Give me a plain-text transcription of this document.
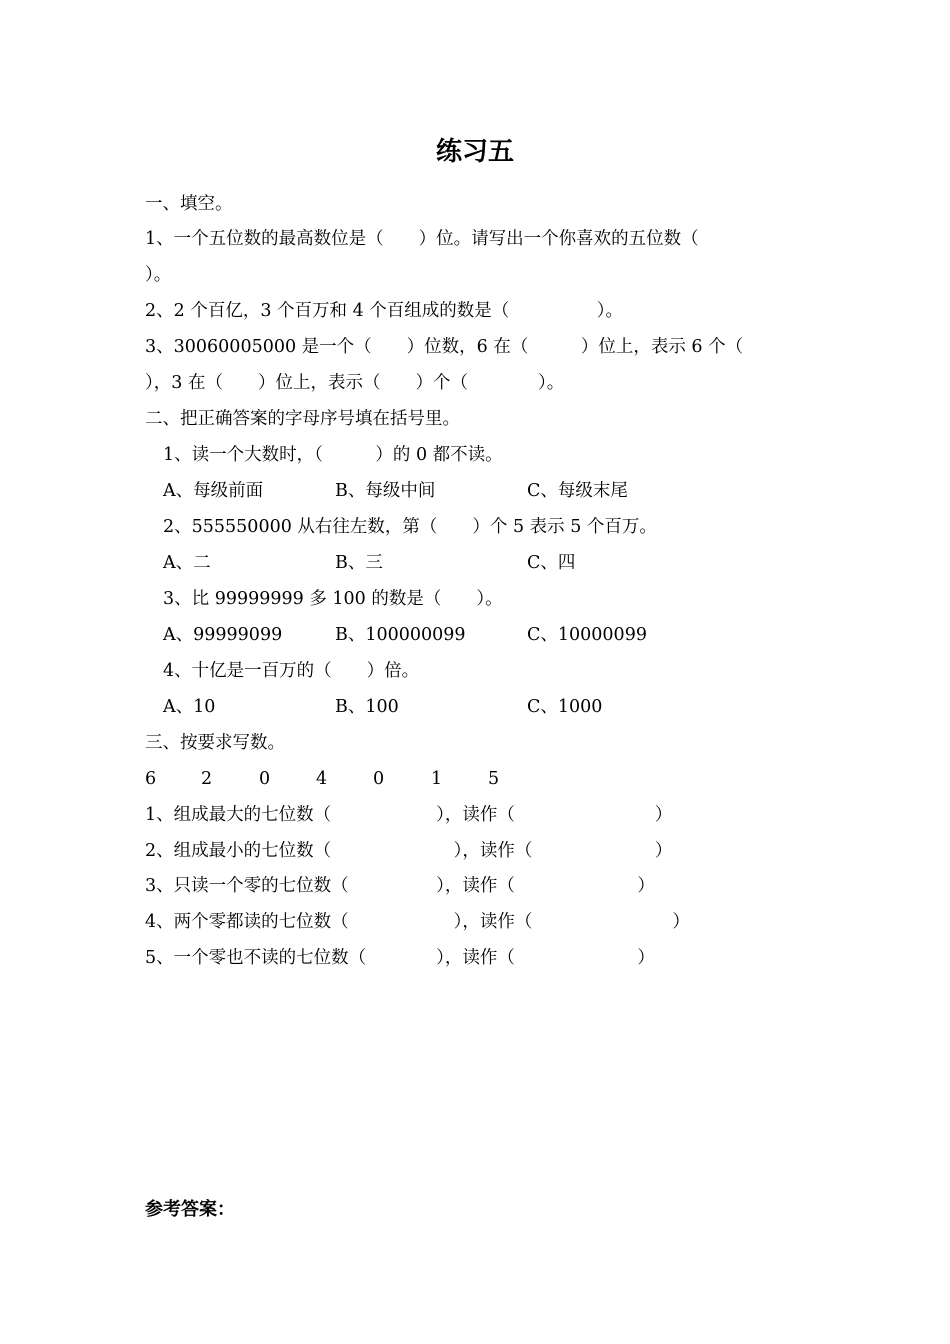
练习五
一、填空。
1、一个五位数的最高数位是（　　）位。请写出一个你喜欢的五位数（
）。
2、2 个百亿，3 个百万和 4 个百组成的数是（　　　　　）。
3、30060005000 是一个（　　）位数，6 在（　　　）位上，表示 6 个（
），3 在（　　）位上，表示（　　）个（　　　　）。
二、把正确答案的字母序号填在括号里。
1、读一个大数时，（　　　）的 0 都不读。
A、每级前面	B、每级中间	C、每级末尾
2、555550000 从右往左数，第（　　）个 5 表示 5 个百万。
A、二	B、三	C、四
3、比 99999999 多 100 的数是（　　）。
A、99999099	B、100000099	C、10000099
4、十亿是一百万的（　　）倍。
A、10	B、100	C、1000
三、按要求写数。
6	2	0	4	0	1	5
1、组成最大的七位数（　　　　　　），读作（　　　　　　　　）
2、组成最小的七位数（　　　　　　　），读作（　　　　　　　）
3、只读一个零的七位数（　　　　　），读作（　　　　　　　）
4、两个零都读的七位数（　　　　　　），读作（　　　　　　　　）
5、一个零也不读的七位数（　　　　），读作（　　　　　　　）
参考答案：
